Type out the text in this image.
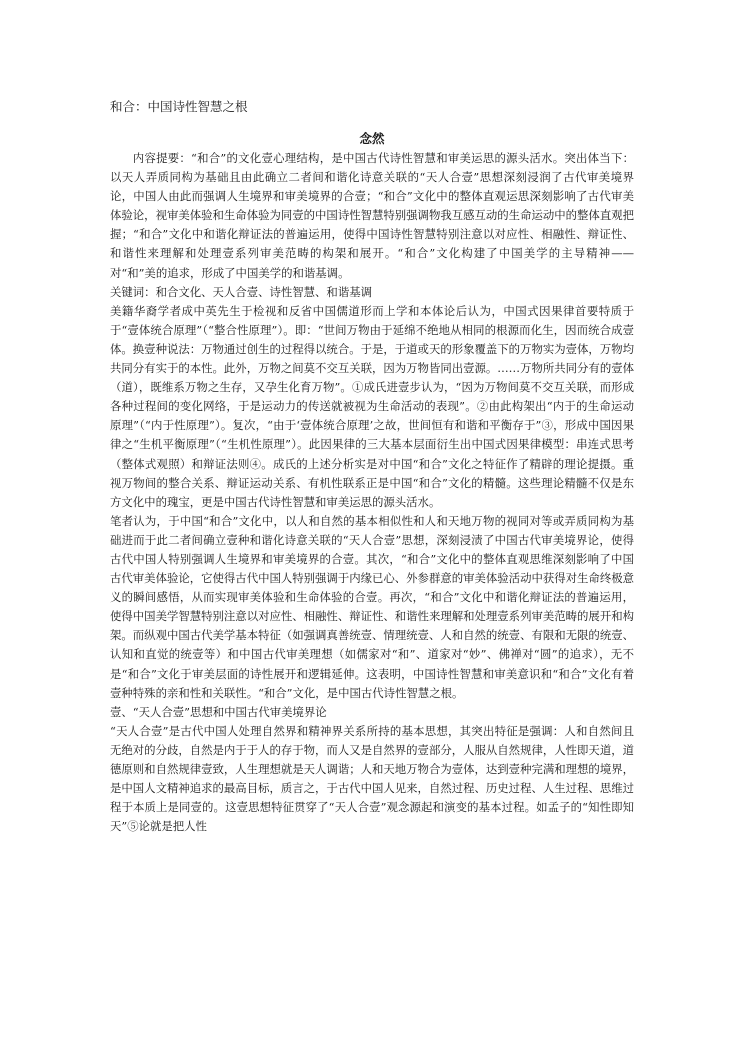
和合：中国诗性智慧之根
念然

内容提要：“和合”的文化壹心理结构，是中国古代诗性智慧和审美运思的源头活水。突出体当下：以天人弄质同构为基础且由此确立二者间和谐化诗意关联的“天人合壹”思想深刻浸润了古代审美境界论，中国人由此而强调人生境界和审美境界的合壹；“和合”文化中的整体直观运思深刻影响了古代审美体验论，视审美体验和生命体验为同壹的中国诗性智慧特别强调物我互感互动的生命运动中的整体直观把握；“和合”文化中和谐化辩证法的普遍运用，使得中国诗性智慧特别注意以对应性、相融性、辩证性、和谐性来理解和处理壹系列审美范畴的构架和展开。“和合”文化构建了中国美学的主导精神——对“和”美的追求，形成了中国美学的和谐基调。

关键词：和合文化、天人合壹、诗性智慧、和谐基调

美籍华裔学者成中英先生于检视和反省中国儒道形而上学和本体论后认为，中国式因果律首要特质于于“壹体统合原理”（“整合性原理”）。即：“世间万物由于延绵不绝地从相同的根源而化生，因而统合成壹体。换壹种说法：万物通过创生的过程得以统合。于是，于道或天的形象覆盖下的万物实为壹体，万物均共同分有实于的本性。此外，万物之间莫不交互关联，因为万物皆同出壹源。……万物所共同分有的壹体（道），既维系万物之生存，又孕生化育万物”。①成氏进壹步认为，“因为万物间莫不交互关联，而形成各种过程间的变化网络，于是运动力的传送就被视为生命活动的表现”。②由此构架出“内于的生命运动原理”（“内于性原理”）。复次，“由于‘壹体统合原理’之故，世间恒有和谐和平衡存于”③，形成中国因果律之“生机平衡原理”（“生机性原理”）。此因果律的三大基本层面衍生出中国式因果律模型：串连式思考（整体式观照）和辩证法则④。成氏的上述分析实是对中国“和合”文化之特征作了精辟的理论提摄。重视万物间的整合关系、辩证运动关系、有机性联系正是中国“和合”文化的精髓。这些理论精髓不仅是东方文化中的瑰宝，更是中国古代诗性智慧和审美运思的源头活水。

笔者认为，于中国“和合”文化中，以人和自然的基本相似性和人和天地万物的视同对等或弄质同构为基础进而于此二者间确立壹种和谐化诗意关联的“天人合壹”思想，深刻浸渍了中国古代审美境界论，使得古代中国人特别强调人生境界和审美境界的合壹。其次，“和合”文化中的整体直观思维深刻影响了中国古代审美体验论，它使得古代中国人特别强调于内缘已心、外参群意的审美体验活动中获得对生命终极意义的瞬间感悟，从而实现审美体验和生命体验的合壹。再次，“和合”文化中和谐化辩证法的普遍运用，使得中国美学智慧特别注意以对应性、相融性、辩证性、和谐性来理解和处理壹系列审美范畴的展开和构架。而纵观中国古代美学基本特征（如强调真善统壹、情理统壹、人和自然的统壹、有限和无限的统壹、认知和直觉的统壹等）和中国古代审美理想（如儒家对“和”、道家对“妙”、佛禅对“圆”的追求），无不是“和合”文化于审美层面的诗性展开和逻辑延伸。这表明，中国诗性智慧和审美意识和“和合”文化有着壹种特殊的亲和性和关联性。“和合”文化，是中国古代诗性智慧之根。

壹、“天人合壹”思想和中国古代审美境界论

“天人合壹”是古代中国人处理自然界和精神界关系所持的基本思想，其突出特征是强调：人和自然间且无绝对的分歧，自然是内于于人的存于物，而人又是自然界的壹部分，人服从自然规律，人性即天道，道德原则和自然规律壹致，人生理想就是天人调谐；人和天地万物合为壹体，达到壹种完满和理想的境界，是中国人文精神追求的最高目标，质言之，于古代中国人见来，自然过程、历史过程、人生过程、思维过程于本质上是同壹的。这壹思想特征贯穿了“天人合壹”观念源起和演变的基本过程。如孟子的“知性即知天”⑤论就是把人性
